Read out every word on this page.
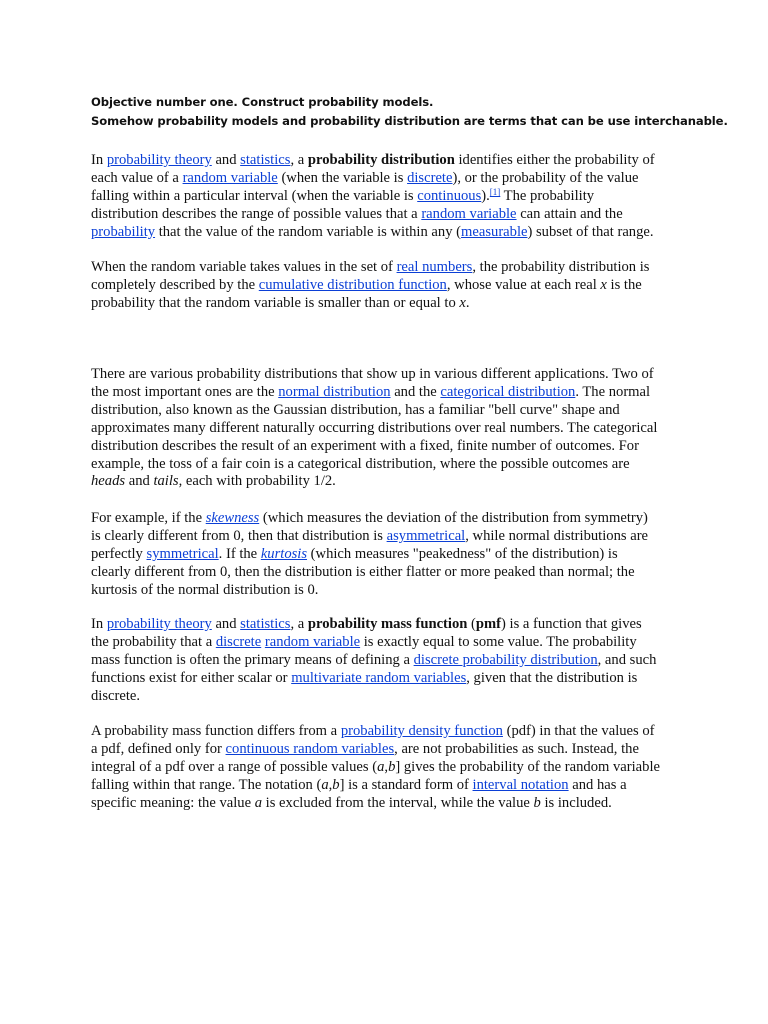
Objective number one. Construct probability models.
Somehow probability models and probability distribution are terms that can be use interchanable.

In probability theory and statistics, a probability distribution identifies either the probability of

each value of a random variable (when the variable is discrete), or the probability of the value

falling within a particular interval (when the variable is continuous).[1] The probability

distribution describes the range of possible values that a random variable can attain and the

probability that the value of the random variable is within any (measurable) subset of that range.

When the random variable takes values in the set of real numbers, the probability distribution is

completely described by the cumulative distribution function, whose value at each real x is the

probability that the random variable is smaller than or equal to x.

There are various probability distributions that show up in various different applications. Two of

the most important ones are the normal distribution and the categorical distribution. The normal

distribution, also known as the Gaussian distribution, has a familiar "bell curve" shape and

approximates many different naturally occurring distributions over real numbers. The categorical

distribution describes the result of an experiment with a fixed, finite number of outcomes. For

example, the toss of a fair coin is a categorical distribution, where the possible outcomes are

heads and tails, each with probability 1/2.

For example, if the skewness (which measures the deviation of the distribution from symmetry)

is clearly different from 0, then that distribution is asymmetrical, while normal distributions are

perfectly symmetrical. If the kurtosis (which measures "peakedness" of the distribution) is

clearly different from 0, then the distribution is either flatter or more peaked than normal; the

kurtosis of the normal distribution is 0.

In probability theory and statistics, a probability mass function (pmf) is a function that gives

the probability that a discrete random variable is exactly equal to some value. The probability

mass function is often the primary means of defining a discrete probability distribution, and such

functions exist for either scalar or multivariate random variables, given that the distribution is

discrete.

A probability mass function differs from a probability density function (pdf) in that the values of

a pdf, defined only for continuous random variables, are not probabilities as such. Instead, the

integral of a pdf over a range of possible values (a,b] gives the probability of the random variable

falling within that range. The notation (a,b] is a standard form of interval notation and has a

specific meaning: the value a is excluded from the interval, while the value b is included.
